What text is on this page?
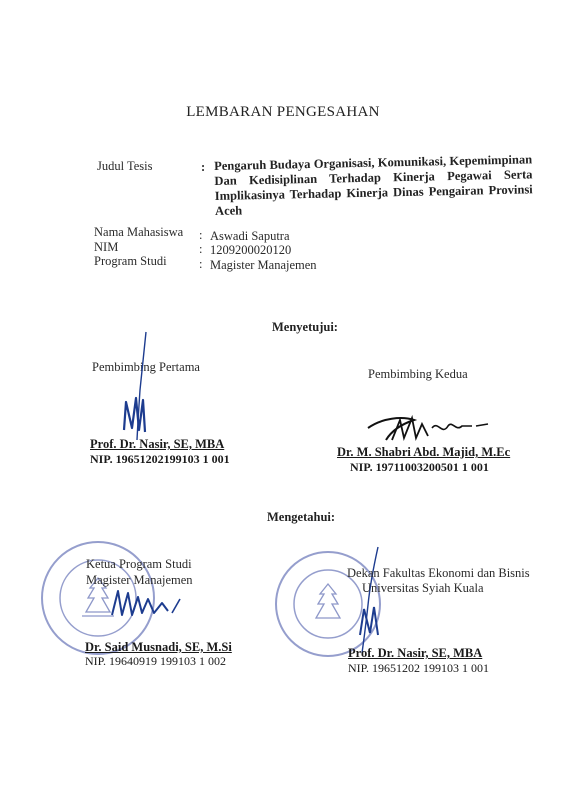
LEMBARAN PENGESAHAN
Judul Tesis	: Pengaruh Budaya Organisasi, Komunikasi, Kepemimpinan Dan Kedisiplinan Terhadap Kinerja Pegawai Serta Implikasinya Terhadap Kinerja Dinas Pengairan Provinsi Aceh
Nama Mahasiswa : Aswadi Saputra
NIM	: 1209200020120
Program Studi	: Magister Manajemen
Menyetujui:
Pembimbing Pertama	Pembimbing Kedua
Prof. Dr. Nasir, SE, MBA
NIP. 19651202199103 1 001	Dr. M. Shabri Abd. Majid, M.Ec
NIP. 19711003200501 1 001
Mengetahui:
Ketua Program Studi
Magister Manajemen
Dr. Said Musnadi, SE, M.Si
NIP. 19640919 199103 1 002
Dekan Fakultas Ekonomi dan Bisnis
Universitas Syiah Kuala
Prof. Dr. Nasir, SE, MBA
NIP. 19651202 199103 1 001
